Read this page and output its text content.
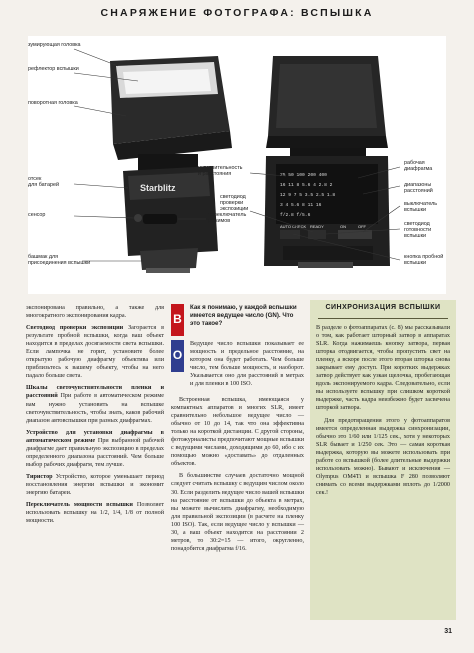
СНАРЯЖЕНИЕ ФОТОГРАФА: ВСПЫШКА
Starblitz
25 50 100 200 400
16 11 8 5.6 4 2.8 2
12 9 7 5 3.5 2.5 1.8
3 4 5.6 8 11 16
f/2.8 f/5.6
AUTO CHECK READY	ON	OFF
зумирующая головка
рефлектор вспышки
поворотная головка
отсек
для батарей
сенсор
башмак для
присоединения вспышки
переключатель
режимов
чувствительность
и расстояния
светодиод
проверки
экспозиции
рабочая
диафрагма
диапазоны
расстояний
выключатель
вспышки
светодиод
готовности
вспышки
кнопка пробной
вспышки

экспонирована правильно, а также для многократного экспонирования кадра.

Светодиод проверки экспозиции Загорается в результате пробной вспышки, когда ваш объект находится в пределах досягаемости света вспышки. Если лампочка не горит, установите более открытую рабочую диафрагму объектива или приблизьтесь к вашему объекту, чтобы на него падало больше света.

Шкалы светочувствительности пленки и расстояний При работе в автоматическом режиме вам нужно установить на вспышке светочувствительность, чтобы знать, каков рабочий диапазон автовспышки при разных диафрагмах.

Устройство для установки диафрагмы в автоматическом режиме При выбранной рабочей диафрагме дает правильную экспозицию в пределах определенного диапазона расстояний. Чем больше выбор рабочих диафрагм, тем лучше.

Тиристор Устройство, которое уменьшает период восстановления энергии вспышки и экономит энергию батареи.

Переключатель мощности вспышки Позволяет использовать вспышку на 1/2, 1/4, 1/8 от полной мощности.

В
Как я понимаю, у каждой вспышки имеется ведущее число (GN). Что это такое?
О

Ведущее число вспышки показывает ее мощность и предельное расстояние, на котором она будет работать. Чем больше число, тем больше мощность, и наоборот. Указывается оно для расстояний в метрах и для пленки в 100 ISO.

Встроенная вспышка, имеющаяся у компактных аппаратов и многих SLR, имеет сравнительно небольшое ведущее число — обычно от 10 до 14, так что она эффективна только на короткой дистанции. С другой стороны, фотожурналисты предпочитают мощные вспышки с ведущими числами, доходящими до 60, ибо с их помощью можно «доставать» до отдаленных объектов.

В большинстве случаев достаточно мощной следует считать вспышку с ведущим числом около 30. Если разделить ведущее число вашей вспышки на расстояние от вспышки до объекта в метрах, вы можете вычислить диафрагму, необходимую для правильной экспозиции (в расчете на пленку 100 ISO). Так, если ведущее число у вспышки — 30, а ваш объект находится на расстоянии 2 метров, то 30:2=15 — итого, округленно, понадобится диафрагма f/16.

СИНХРОНИЗАЦИЯ ВСПЫШКИ

В разделе о фотоаппаратах (с. 8) мы рассказывали о том, как работает шторный затвор в аппаратах SLR. Когда нажимаешь кнопку затвора, первая шторка отодвигается, чтобы пропустить свет на пленку, а вскоре после этого вторая шторка снова закрывает ему доступ. При коротких выдержках затвор действует как узкая щелочка, пробегающая вдоль экспонируемого кадра. Следовательно, если вы используете вспышку при слишком короткой выдержке, часть кадра неизбежно будет засвечена шторкой затвора.

Для предотвращения этого у фотоаппаратов имеется определенная выдержка синхронизации, обычно это 1/60 или 1/125 сек., хотя у некоторых SLR бывает и 1/250 сек. Это — самая короткая выдержка, которую вы можете использовать при работе со вспышкой (более длительные выдержки использовать можно). Бывают и исключения — Olympus OM4Ti и вспышка F 280 позволяют снимать со всеми выдержками вплоть до 1/2000 сек.!

31
